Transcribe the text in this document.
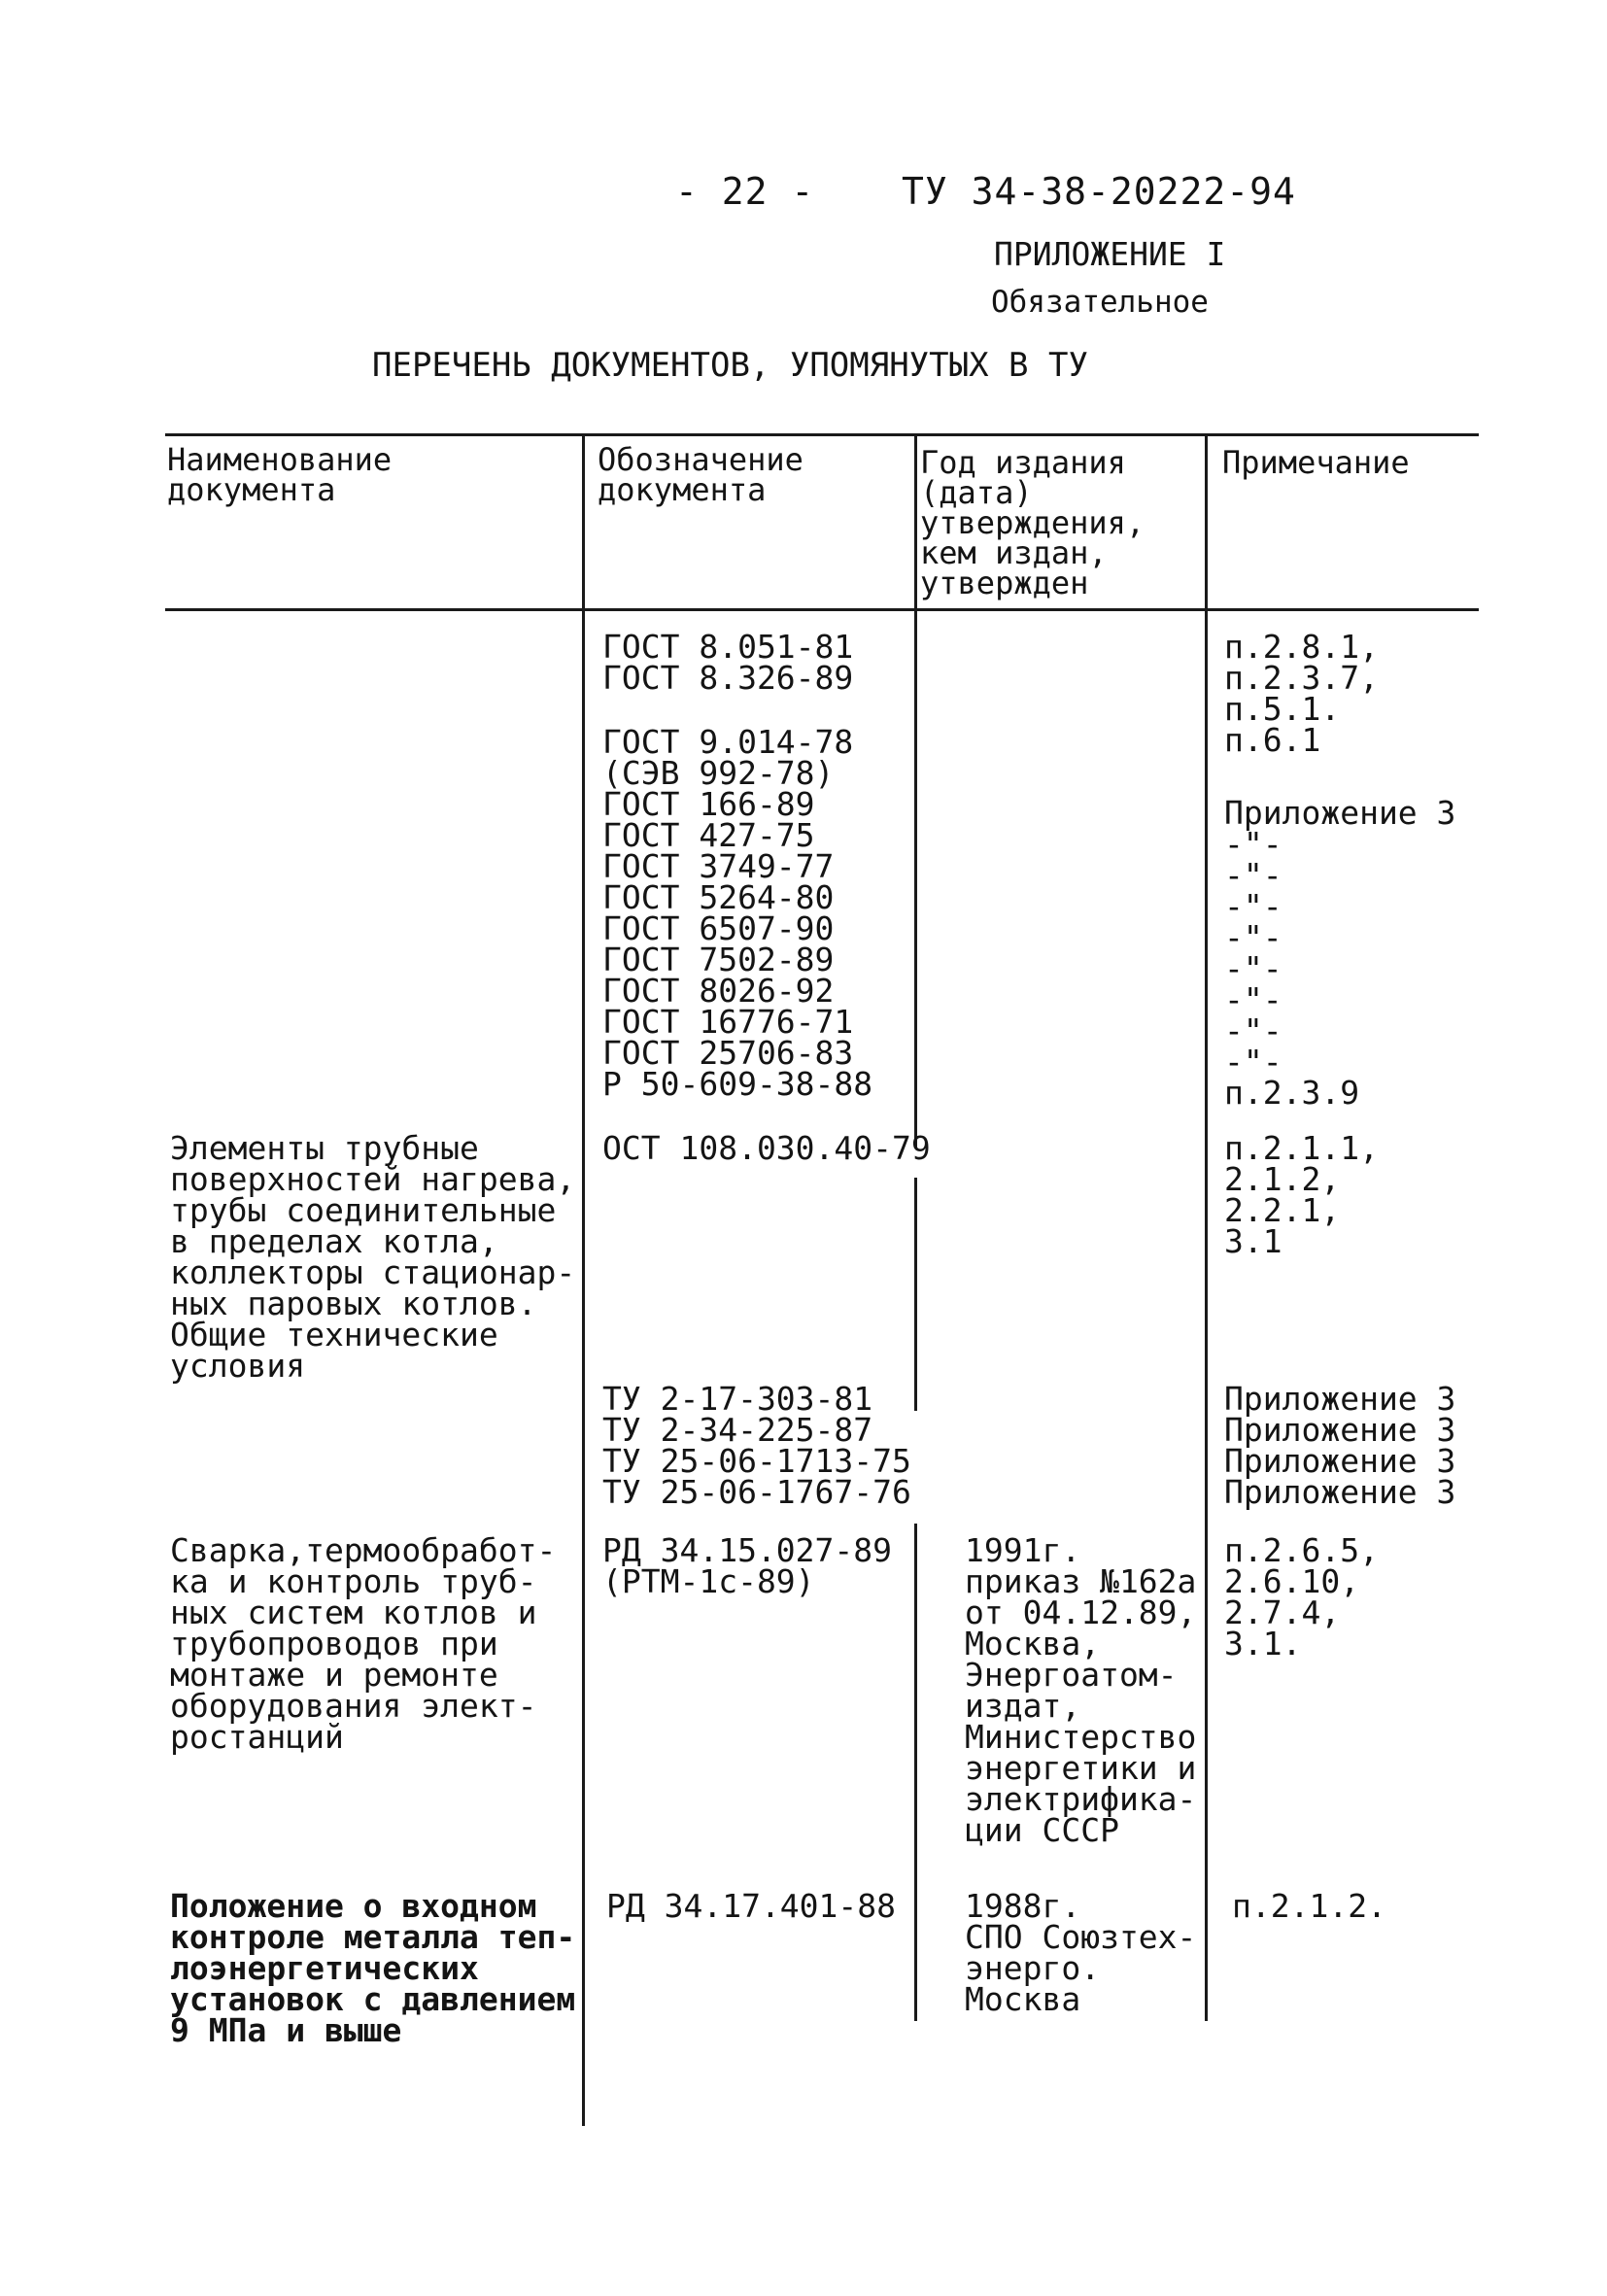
- 22 - ТУ 34-38-20222-94
ПРИЛОЖЕНИЕ I
Обязательное
ПЕРЕЧЕНЬ ДОКУМЕНТОВ, УПОМЯНУТЫХ В ТУ
Наименование
документа
Обозначение
документа
Год издания
(дата)
утверждения,
кем издан,
утвержден
Примечание
ГОСТ 8.051-81
ГОСТ 8.326-89
п.2.8.1,
п.2.3.7,
п.5.1.
п.6.1
ГОСТ 9.014-78
(СЭВ 992-78)
ГОСТ 166-89
ГОСТ 427-75
ГОСТ 3749-77
ГОСТ 5264-80
ГОСТ 6507-90
ГОСТ 7502-89
ГОСТ 8026-92
ГОСТ 16776-71
ГОСТ 25706-83
Р 50-609-38-88

Приложение 3
-"-
-"-
-"-
-"-
-"-
-"-
-"-
-"-
п.2.3.9
Элементы трубные
поверхностей нагрева,
трубы соединительные
в пределах котла,
коллекторы стационар-
ных паровых котлов.
Общие технические
условия
ОСТ 108.030.40-79	п.2.1.1,
2.1.2,
2.2.1,
3.1
ТУ 2-17-303-81
ТУ 2-34-225-87
ТУ 25-06-1713-75
ТУ 25-06-1767-76
Приложение 3
Приложение 3
Приложение 3
Приложение 3
Сварка,термообработ-
ка и контроль труб-
ных систем котлов и
трубопроводов при
монтаже и ремонте
оборудования элект-
ростанций
РД 34.15.027-89
(РТМ-1с-89)
1991г.
приказ №162а
от 04.12.89,
Москва,
Энергоатом-
издат,
Министерство
энергетики и
электрифика-
ции СССР
п.2.6.5,
2.6.10,
2.7.4,
3.1.
Положение о входном
контроле металла теп-
лоэнергетических
установок с давлением
9 МПа и выше
РД 34.17.401-88 1988г.
СПО Союзтех-
энерго.
Москва
п.2.1.2.
